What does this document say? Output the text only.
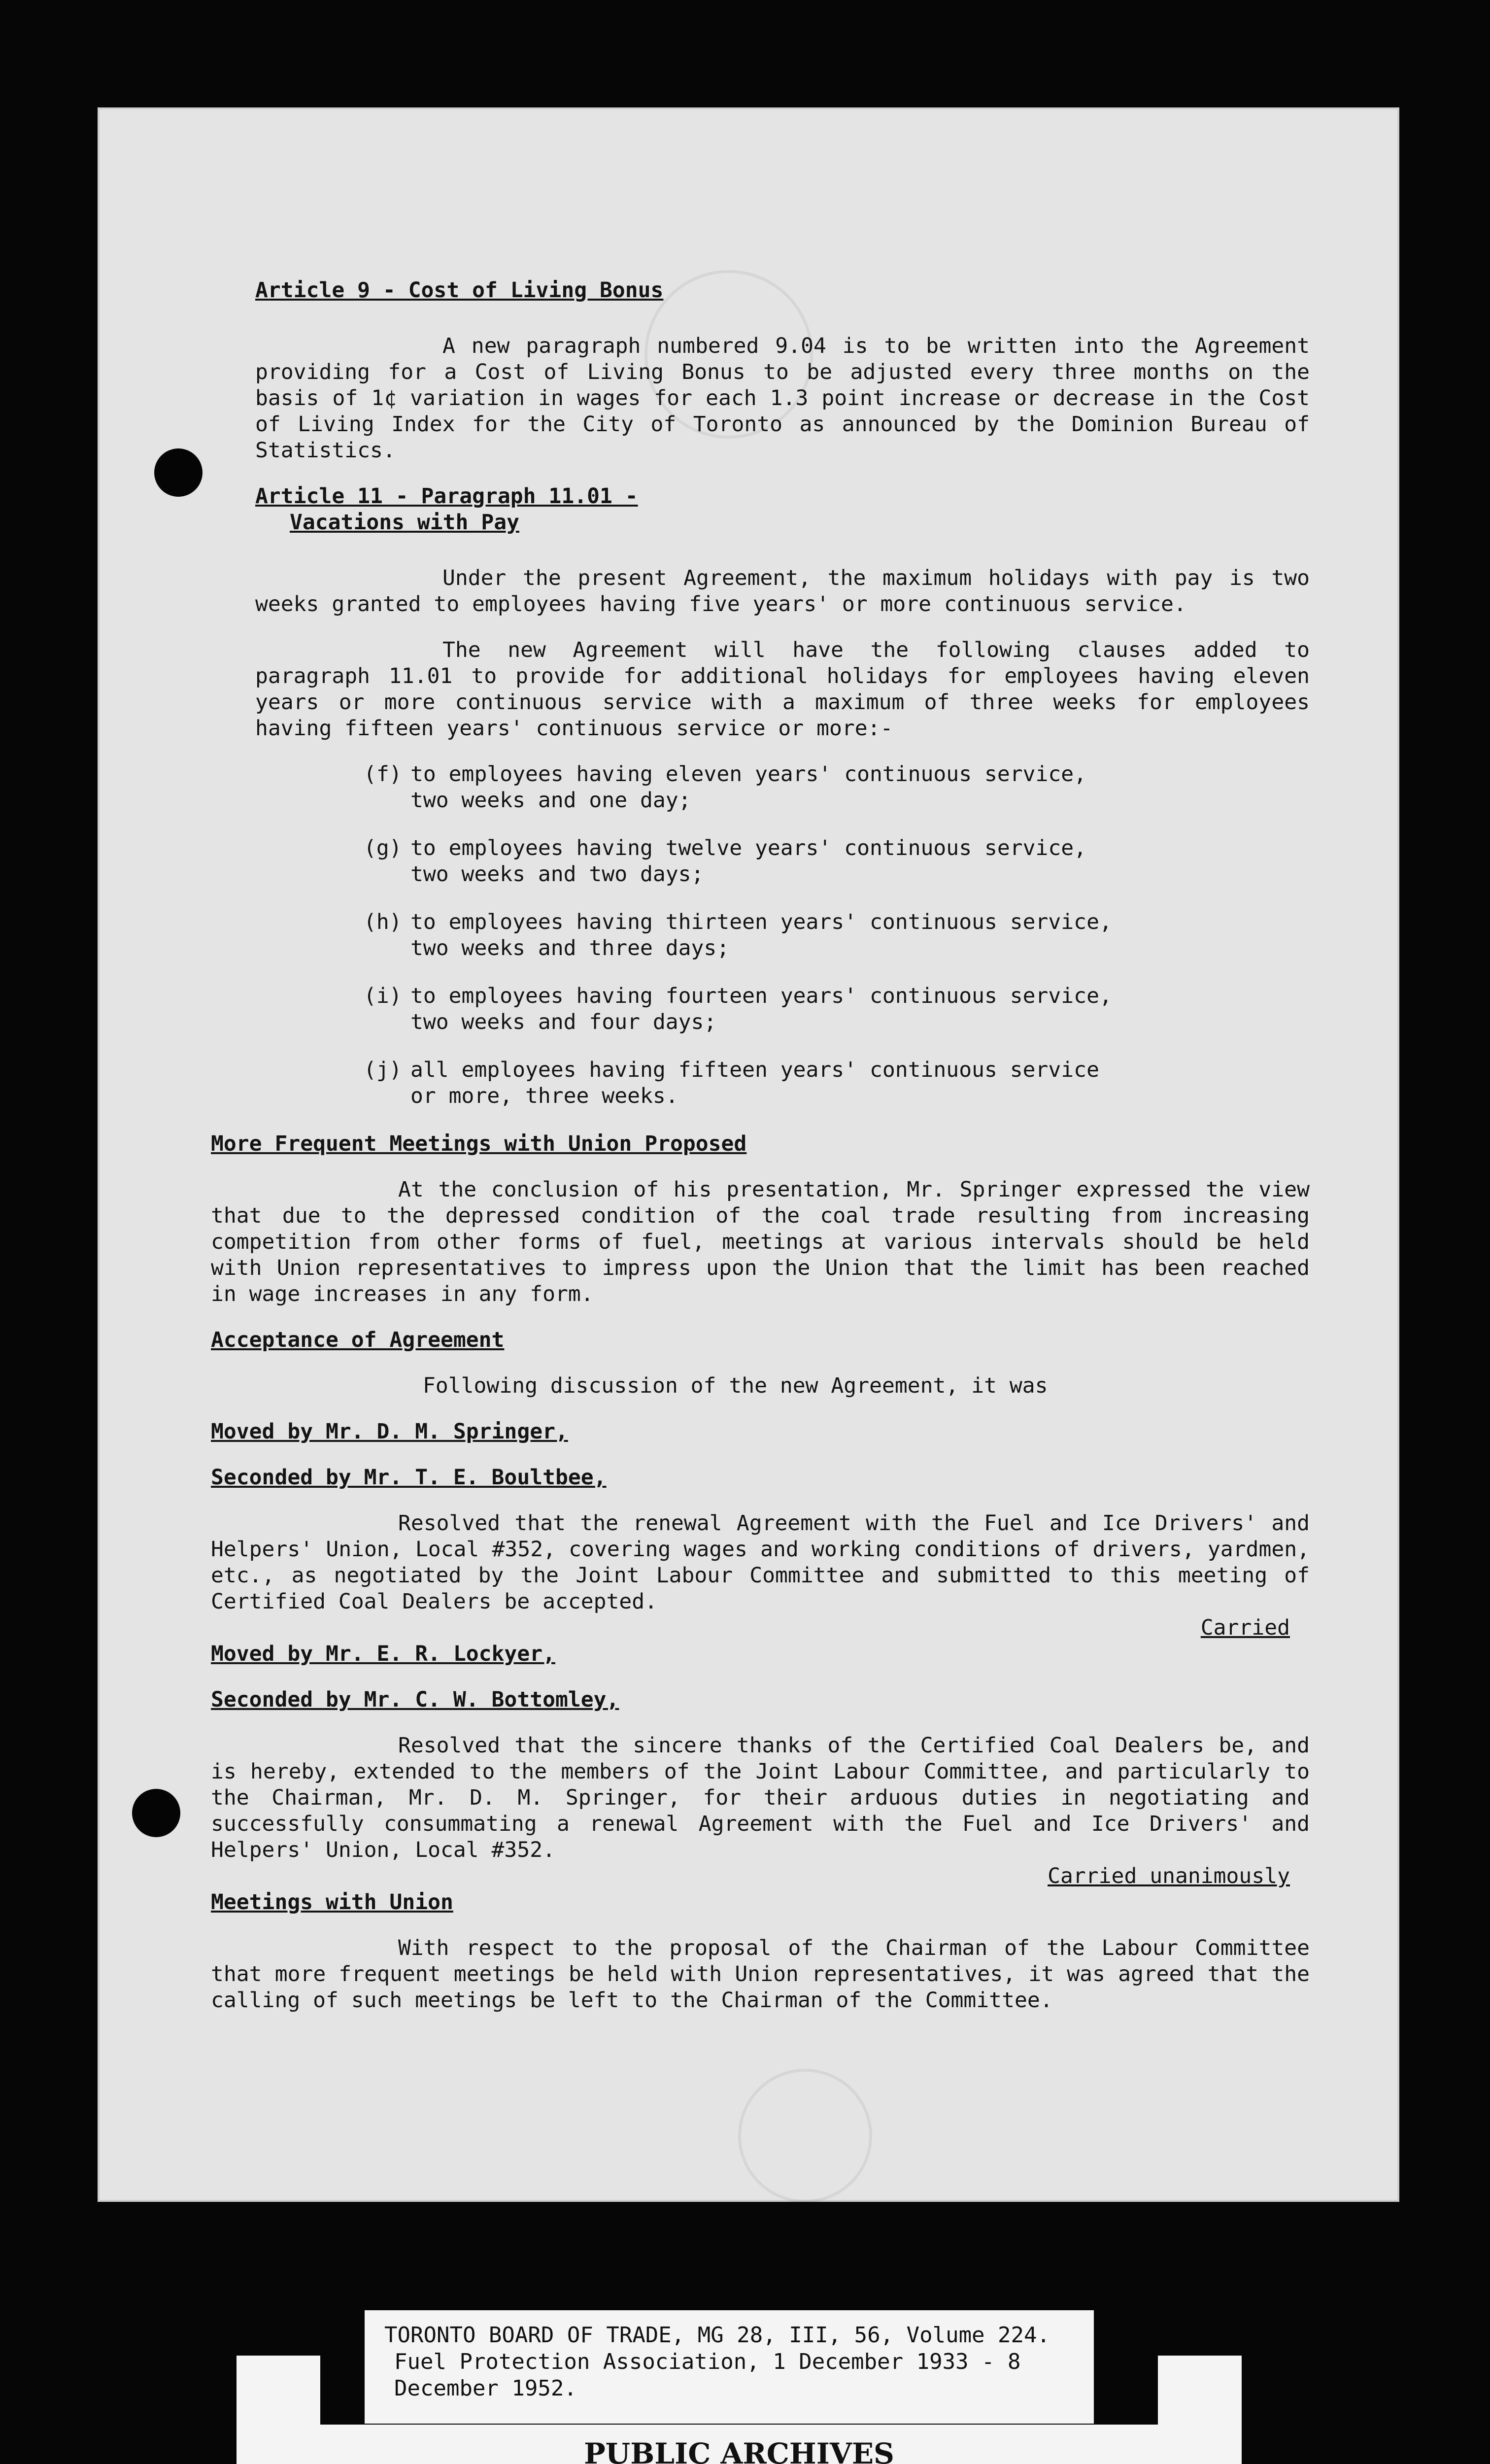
Article 9 - Cost of Living Bonus

A new paragraph numbered 9.04 is to be written into the Agreement providing for a Cost of Living Bonus to be adjusted every three months on the basis of 1¢ variation in wages for each 1.3 point increase or decrease in the Cost of Living Index for the City of Toronto as announced by the Dominion Bureau of Statistics.

Article 11 - Paragraph 11.01 -

Vacations with Pay

Under the present Agreement, the maximum holidays with pay is two weeks granted to employees having five years' or more continuous service.

The new Agreement will have the following clauses added to paragraph 11.01 to provide for additional holidays for employees having eleven years or more continuous service with a maximum of three weeks for employees having fifteen years' continuous service or more:-

(f) to employees having eleven years' continuous service, two weeks and one day;
(g) to employees having twelve years' continuous service, two weeks and two days;
(h) to employees having thirteen years' continuous service, two weeks and three days;
(i) to employees having fourteen years' continuous service, two weeks and four days;
(j) all employees having fifteen years' continuous service or more, three weeks.

More Frequent Meetings with Union Proposed

At the conclusion of his presentation, Mr. Springer expressed the view that due to the depressed condition of the coal trade resulting from increasing competition from other forms of fuel, meetings at various intervals should be held with Union representatives to impress upon the Union that the limit has been reached in wage increases in any form.

Acceptance of Agreement

Following discussion of the new Agreement, it was

Moved by Mr. D. M. Springer,

Seconded by Mr. T. E. Boultbee,

Resolved that the renewal Agreement with the Fuel and Ice Drivers' and Helpers' Union, Local #352, covering wages and working conditions of drivers, yardmen, etc., as negotiated by the Joint Labour Committee and submitted to this meeting of Certified Coal Dealers be accepted.

Carried

Moved by Mr. E. R. Lockyer,

Seconded by Mr. C. W. Bottomley,

Resolved that the sincere thanks of the Certified Coal Dealers be, and is hereby, extended to the members of the Joint Labour Committee, and particularly to the Chairman, Mr. D. M. Springer, for their arduous duties in negotiating and successfully consummating a renewal Agreement with the Fuel and Ice Drivers' and Helpers' Union, Local #352.

Carried unanimously

Meetings with Union

With respect to the proposal of the Chairman of the Labour Committee that more frequent meetings be held with Union representatives, it was agreed that the calling of such meetings be left to the Chairman of the Committee.

PUBLIC ARCHIVES
TORONTO BOARD OF TRADE, MG 28, III, 56, Volume 224.
Fuel Protection Association, 1 December 1933 - 8
December 1952.
